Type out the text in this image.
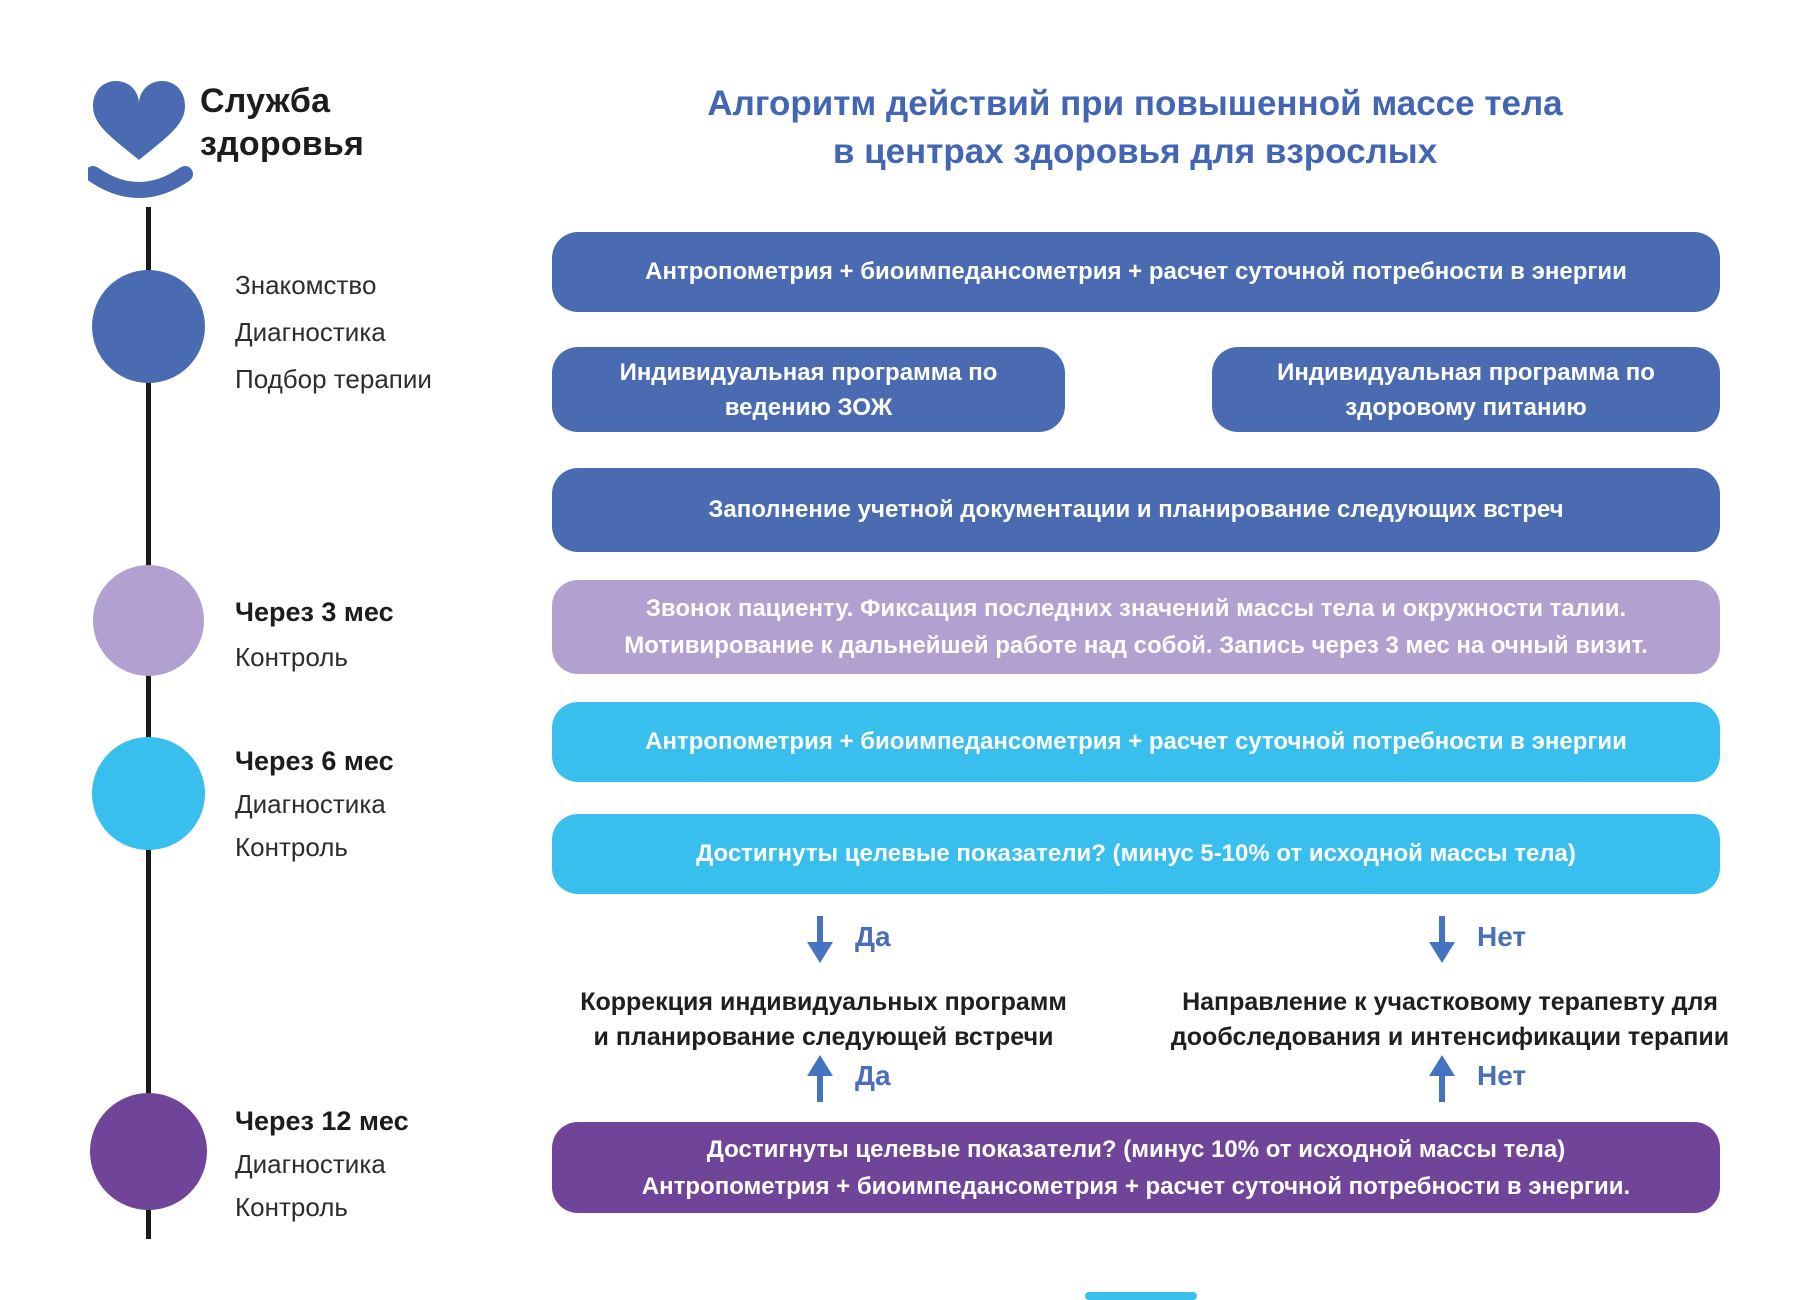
Служба
здоровья
Алгоритм действий при повышенной массе тела
в центрах здоровья для взрослых
Знакомство
Диагностика
Подбор терапии
Через 3 мес
Контроль
Через 6 мес
Диагностика
Контроль
Через 12 мес
Диагностика
Контроль
Антропометрия + биоимпедансометрия + расчет суточной потребности в энергии
Индивидуальная программа по
ведению ЗОЖ
Индивидуальная программа по
здоровому питанию
Заполнение учетной документации и планирование следующих встреч
Звонок пациенту. Фиксация последних значений массы тела и окружности талии.
Мотивирование к дальнейшей работе над собой. Запись через 3 мес на очный визит.
Антропометрия + биоимпедансометрия + расчет суточной потребности в энергии
Достигнуты целевые показатели? (минус 5-10% от исходной массы тела)
Да	Нет
Коррекция индивидуальных программ
и планирование следующей встречи
Направление к участковому терапевту для
дообследования и интенсификации терапии
Да	Нет
Достигнуты целевые показатели? (минус 10% от исходной массы тела)
Антропометрия + биоимпедансометрия + расчет суточной потребности в энергии.
